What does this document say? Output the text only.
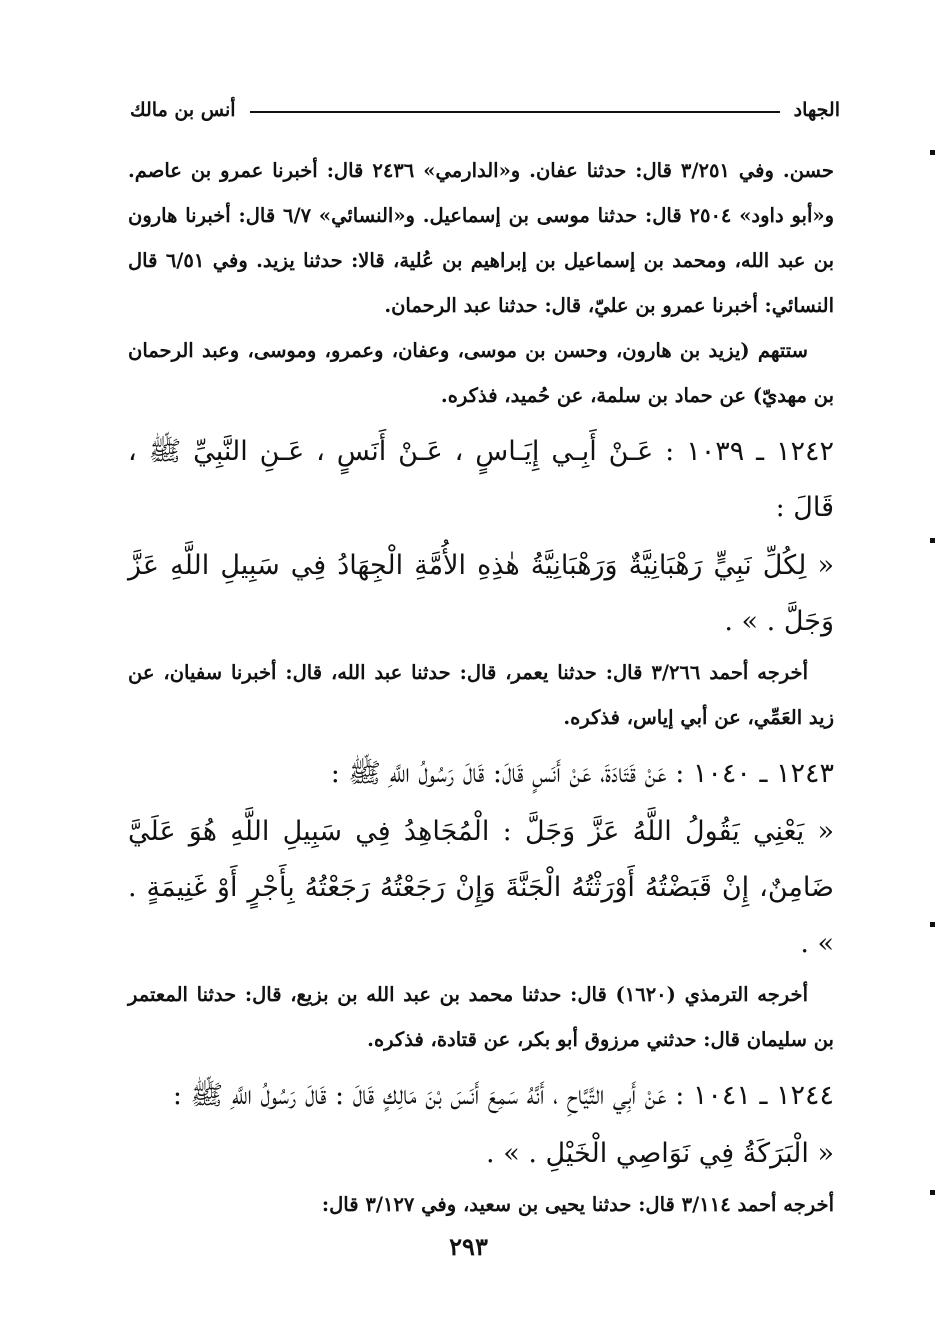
الجهاد
أنس بن مالك

حسن. وفي ٣/٢٥١ قال: حدثنا عفان. و«الدارمي» ٢٤٣٦ قال: أخبرنا عمرو بن عاصم. و«أبو داود» ٢٥٠٤ قال: حدثنا موسى بن إسماعيل. و«النسائي» ٦/٧ قال: أخبرنا هارون بن عبد الله، ومحمد بن إسماعيل بن إبراهيم بن عُلية، قالا: حدثنا يزيد. وفي ٦/٥١ قال النسائي: أخبرنا عمرو بن عليّ، قال: حدثنا عبد الرحمان.

ستتهم (يزيد بن هارون، وحسن بن موسى، وعفان، وعمرو، وموسى، وعبد الرحمان بن مهديّ) عن حماد بن سلمة، عن حُميد، فذكره.

١٢٤٢ ـ ١٠٣٩ : عَـنْ أَبِـي إِيَـاسٍ ، عَـنْ أَنَسٍ ، عَـنِ النَّبِيِّ ﷺ ، قَالَ :

« لِكُلِّ نَبِيٍّ رَهْبَانِيَّةٌ وَرَهْبَانِيَّةُ هٰذِهِ الأُمَّةِ الْجِهَادُ فِي سَبِيلِ اللَّهِ عَزَّ وَجَلَّ . » .

أخرجه أحمد ٣/٢٦٦ قال: حدثنا يعمر، قال: حدثنا عبد الله، قال: أخبرنا سفيان، عن زيد العَمِّي، عن أبي إياس، فذكره.

١٢٤٣ ـ ١٠٤٠ : عَنْ قَتَادَةَ، عَنْ أَنَسٍ قَالَ: قَالَ رَسُولُ اللَّهِ ﷺ :

« يَعْنِي يَقُولُ اللَّهُ عَزَّ وَجَلَّ : الْمُجَاهِدُ فِي سَبِيلِ اللَّهِ هُوَ عَلَيَّ ضَامِنٌ، إِنْ قَبَضْتُهُ أَوْرَثْتُهُ الْجَنَّةَ وَإِنْ رَجَعْتُهُ رَجَعْتُهُ بِأَجْرٍ أَوْ غَنِيمَةٍ . » .

أخرجه الترمذي (١٦٢٠) قال: حدثنا محمد بن عبد الله بن بزيع، قال: حدثنا المعتمر بن سليمان قال: حدثني مرزوق أبو بكر، عن قتادة، فذكره.

١٢٤٤ ـ ١٠٤١ : عَنْ أَبِي التَّيَّاحِ ، أَنَّهُ سَمِعَ أَنَسَ بْنَ مَالِكٍ قَالَ : قَالَ رَسُولُ اللَّهِ ﷺ :

« الْبَرَكَةُ فِي نَوَاصِي الْخَيْلِ . » .

أخرجه أحمد ٣/١١٤ قال: حدثنا يحيى بن سعيد، وفي ٣/١٢٧ قال:

٢٩٣
